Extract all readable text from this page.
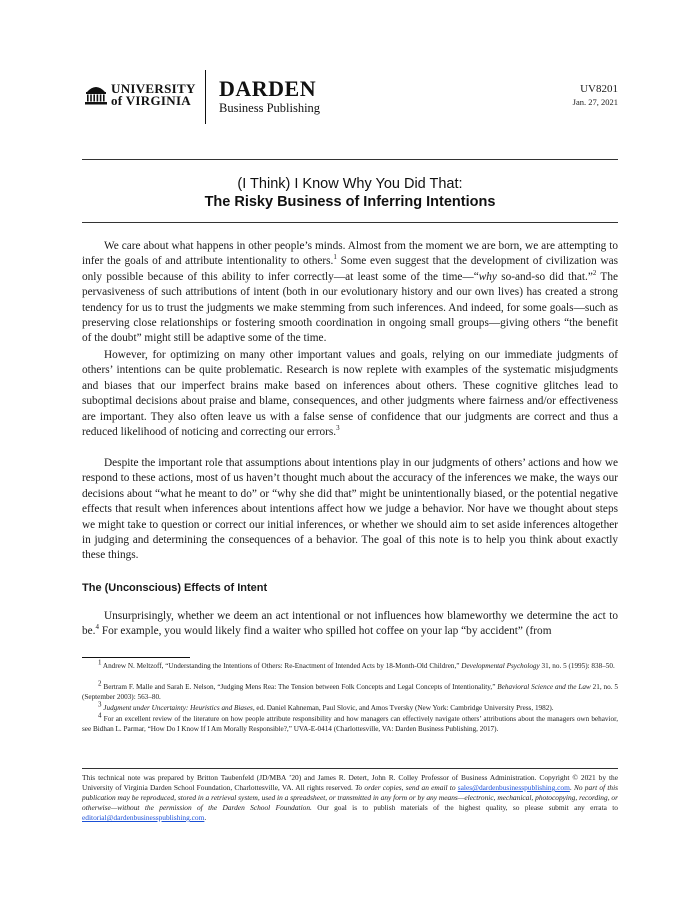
UNIVERSITY
of VIRGINIA DARDEN
Business Publishing
UV8201
Jan. 27, 2021
(I Think) I Know Why You Did That:
The Risky Business of Inferring Intentions

We care about what happens in other people’s minds. Almost from the moment we are born, we are attempting to infer the goals of and attribute intentionality to others.$^1$ Some even suggest that the development of civilization was only possible because of this ability to infer correctly—at least some of the time—“why so-and-so did that.”$^2$ The pervasiveness of such attributions of intent (both in our evolutionary history and our own lives) has created a strong tendency for us to trust the judgments we make stemming from such inferences. And indeed, for some goals—such as preserving close relationships or fostering smooth coordination in ongoing small groups—giving others “the benefit of the doubt” might still be adaptive some of the time.

However, for optimizing on many other important values and goals, relying on our immediate judgments of others’ intentions can be quite problematic. Research is now replete with examples of the systematic misjudgments and biases that our imperfect brains make based on inferences about others. These cognitive glitches lead to suboptimal decisions about praise and blame, consequences, and other judgments where fairness and/or effectiveness are important. They also often leave us with a false sense of confidence that our judgments are correct and thus a reduced likelihood of noticing and correcting our errors.$^3$

Despite the important role that assumptions about intentions play in our judgments of others’ actions and how we respond to these actions, most of us haven’t thought much about the accuracy of the inferences we make, the ways our decisions about “what he meant to do” or “why she did that” might be unintentionally biased, or the potential negative effects that result when inferences about intentions affect how we judge a behavior. Nor have we thought about steps we might take to question or correct our initial inferences, or whether we should aim to set aside inferences altogether in judging and determining the consequences of a behavior. The goal of this note is to help you think about exactly these things.

The (Unconscious) Effects of Intent

Unsurprisingly, whether we deem an act intentional or not influences how blameworthy we determine the act to be.$^4$ For example, you would likely find a waiter who spilled hot coffee on your lap “by accident” (from

$^1$ Andrew N. Meltzoff, “Understanding the Intentions of Others: Re-Enactment of Intended Acts by 18-Month-Old Children,” Developmental Psychology 31, no. 5 (1995): 838–50.

$^2$ Bertram F. Malle and Sarah E. Nelson, “Judging Mens Rea: The Tension between Folk Concepts and Legal Concepts of Intentionality,” Behavioral Science and the Law 21, no. 5 (September 2003): 563–80.

$^3$ Judgment under Uncertainty: Heuristics and Biases, ed. Daniel Kahneman, Paul Slovic, and Amos Tversky (New York: Cambridge University Press, 1982).

$^4$ For an excellent review of the literature on how people attribute responsibility and how managers can effectively navigate others’ attributions about the managers own behavior, see Bidhan L. Parmar, “How Do I Know If I Am Morally Responsible?,” UVA-E-0414 (Charlottesville, VA: Darden Business Publishing, 2017).

This technical note was prepared by Britton Taubenfeld (JD/MBA ’20) and James R. Detert, John R. Colley Professor of Business Administration. Copyright © 2021 by the University of Virginia Darden School Foundation, Charlottesville, VA. All rights reserved. To order copies, send an email to sales@dardenbusinesspublishing.com. No part of this publication may be reproduced, stored in a retrieval system, used in a spreadsheet, or transmitted in any form or by any means—electronic, mechanical, photocopying, recording, or otherwise—without the permission of the Darden School Foundation. Our goal is to publish materials of the highest quality, so please submit any errata to editorial@dardenbusinesspublishing.com.
